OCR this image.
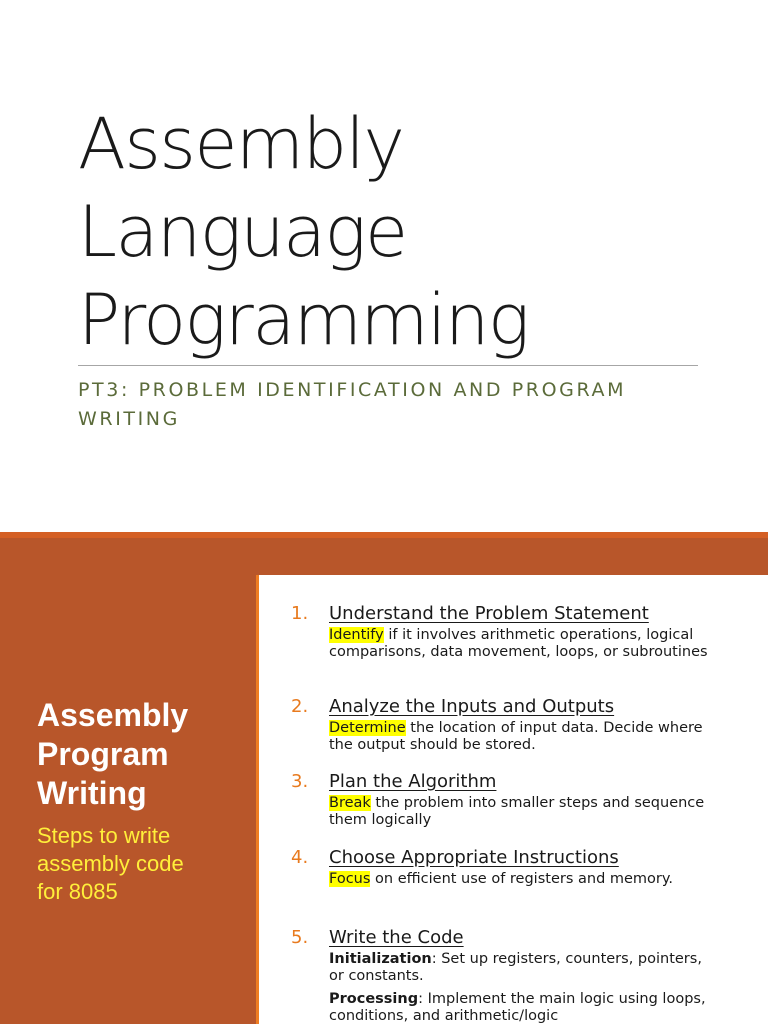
Assembly
Language
Programming
PT3: PROBLEM IDENTIFICATION AND PROGRAM WRITING
Assembly
Program
Writing
Steps to write
assembly code
for 8085
1. Understand the Problem Statement
Identify if it involves arithmetic operations, logical comparisons, data movement, loops, or subroutines
2. Analyze the Inputs and Outputs
Determine the location of input data. Decide where the output should be stored.
3. Plan the Algorithm
Break the problem into smaller steps and sequence them logically
4. Choose Appropriate Instructions
Focus on efficient use of registers and memory.
5. Write the Code
Initialization: Set up registers, counters, pointers, or constants.
Processing: Implement the main logic using loops, conditions, and arithmetic/logic
